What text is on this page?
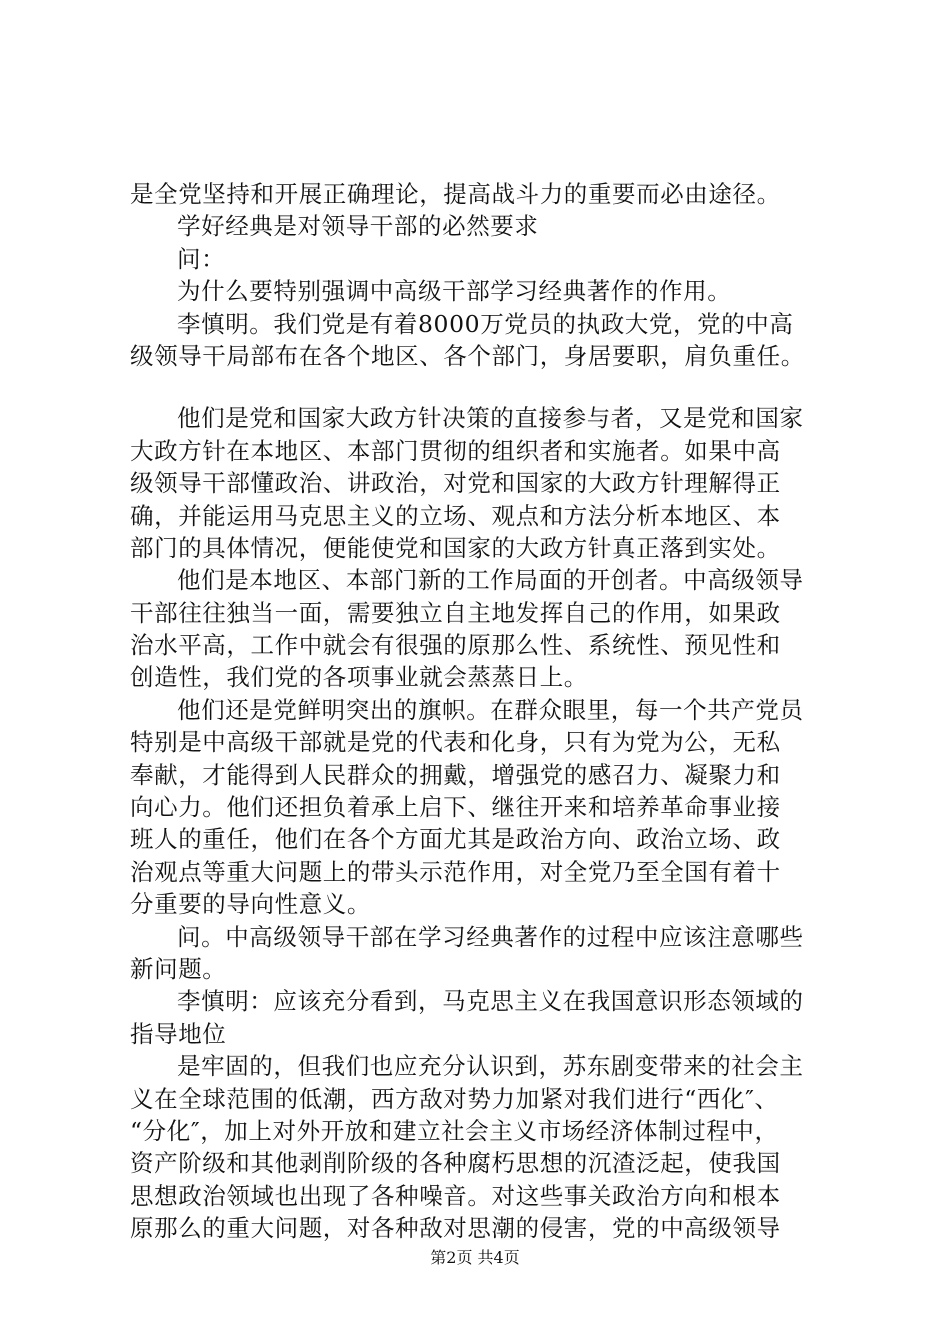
是全党坚持和开展正确理论，提高战斗力的重要而必由途径。
学好经典是对领导干部的必然要求
问：
为什么要特别强调中高级干部学习经典著作的作用。
李慎明。我们党是有着8000万党员的执政大党，党的中高
级领导干局部布在各个地区、各个部门，身居要职，肩负重任。
他们是党和国家大政方针决策的直接参与者，又是党和国家
大政方针在本地区、本部门贯彻的组织者和实施者。如果中高
级领导干部懂政治、讲政治，对党和国家的大政方针理解得正
确，并能运用马克思主义的立场、观点和方法分析本地区、本
部门的具体情况，便能使党和国家的大政方针真正落到实处。
他们是本地区、本部门新的工作局面的开创者。中高级领导
干部往往独当一面，需要独立自主地发挥自己的作用，如果政
治水平高，工作中就会有很强的原那么性、系统性、预见性和
创造性，我们党的各项事业就会蒸蒸日上。
他们还是党鲜明突出的旗帜。在群众眼里，每一个共产党员
特别是中高级干部就是党的代表和化身，只有为党为公，无私
奉献，才能得到人民群众的拥戴，增强党的感召力、凝聚力和
向心力。他们还担负着承上启下、继往开来和培养革命事业接
班人的重任，他们在各个方面尤其是政治方向、政治立场、政
治观点等重大问题上的带头示范作用，对全党乃至全国有着十
分重要的导向性意义。
问。中高级领导干部在学习经典著作的过程中应该注意哪些
新问题。
李慎明：应该充分看到，马克思主义在我国意识形态领域的
指导地位
是牢固的，但我们也应充分认识到，苏东剧变带来的社会主
义在全球范围的低潮，西方敌对势力加紧对我们进行“西化″、
“分化″，加上对外开放和建立社会主义市场经济体制过程中，
资产阶级和其他剥削阶级的各种腐朽思想的沉渣泛起，使我国
思想政治领域也出现了各种噪音。对这些事关政治方向和根本
原那么的重大问题，对各种敌对思潮的侵害，党的中高级领导
第2页 共4页
